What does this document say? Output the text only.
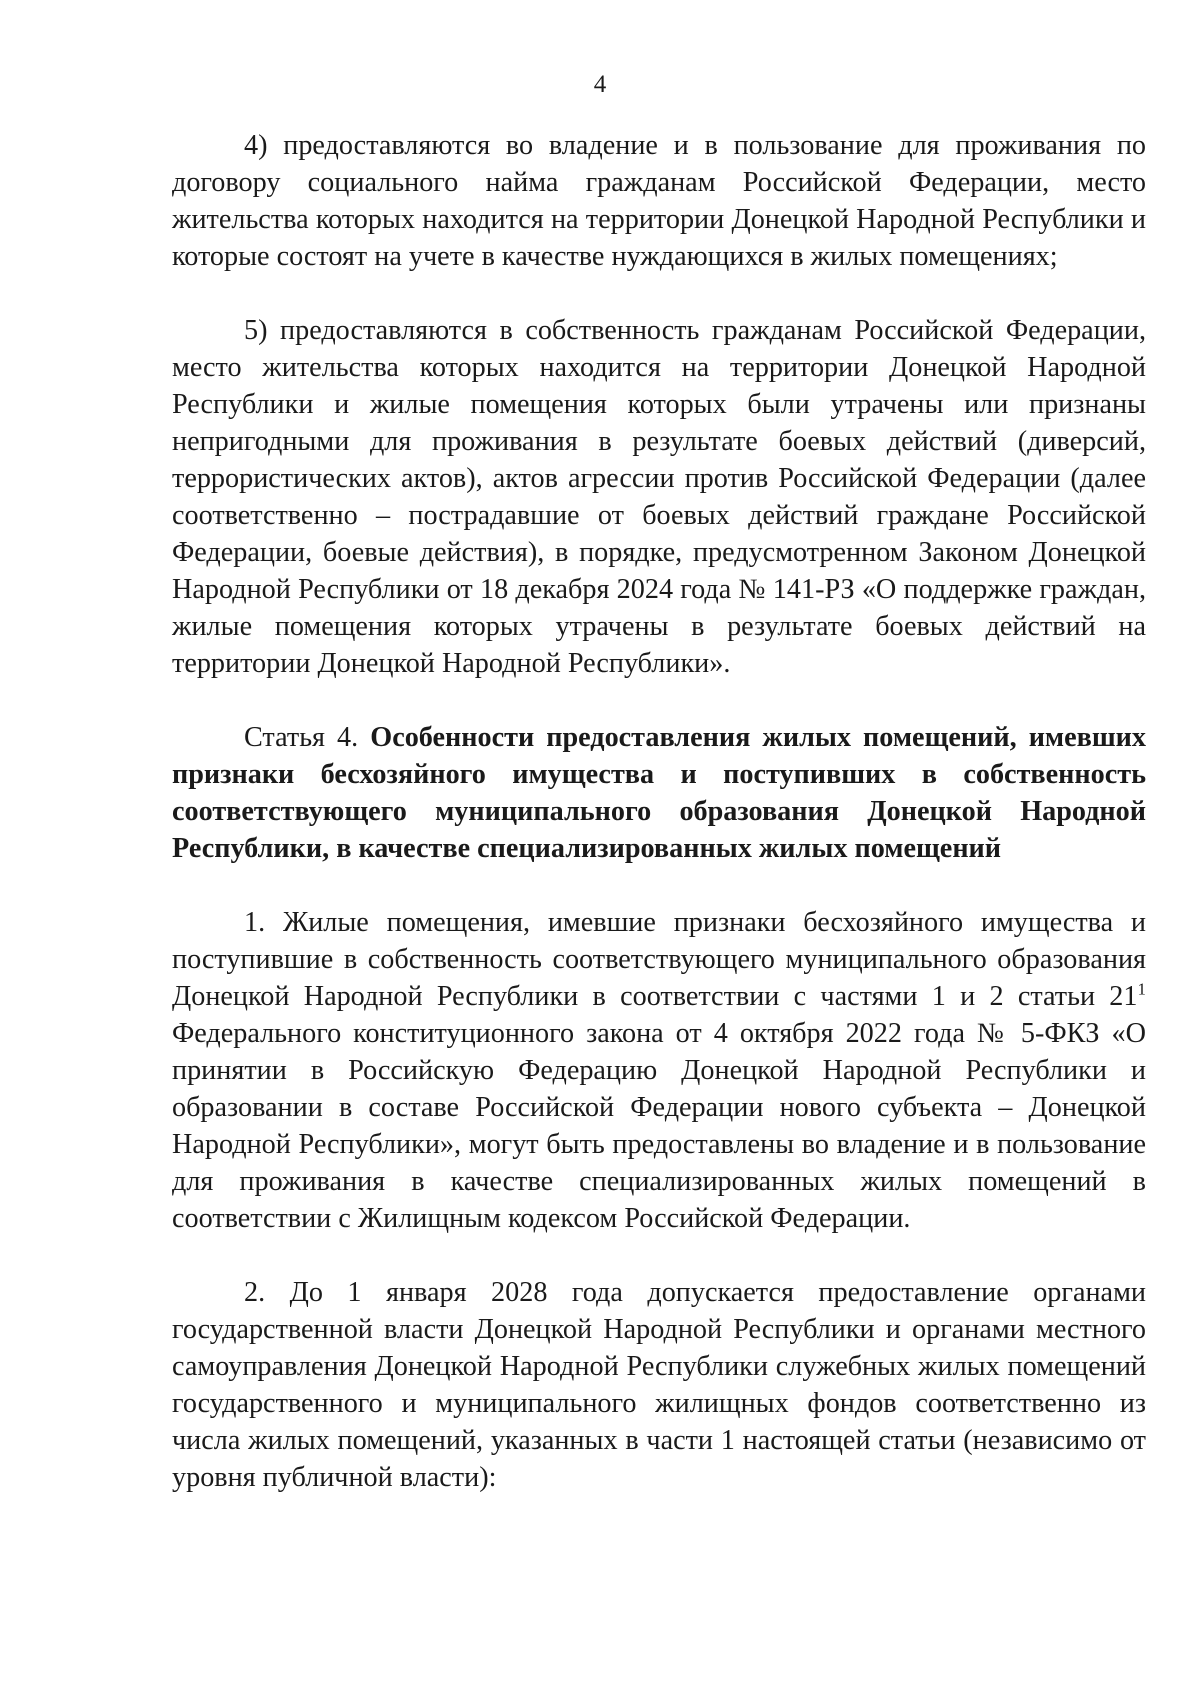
4

4) предоставляются во владение и в пользование для проживания по договору социального найма гражданам Российской Федерации, место жительства которых находится на территории Донецкой Народной Республики и которые состоят на учете в качестве нуждающихся в жилых помещениях;

5) предоставляются в собственность гражданам Российской Федерации, место жительства которых находится на территории Донецкой Народной Республики и жилые помещения которых были утрачены или признаны непригодными для проживания в результате боевых действий (диверсий, террористических актов), актов агрессии против Российской Федерации (далее соответственно – пострадавшие от боевых действий граждане Российской Федерации, боевые действия), в порядке, предусмотренном Законом Донецкой Народной Республики от 18 декабря 2024 года № 141-РЗ «О поддержке граждан, жилые помещения которых утрачены в результате боевых действий на территории Донецкой Народной Республики».

Статья 4. Особенности предоставления жилых помещений, имевших признаки бесхозяйного имущества и поступивших в собственность соответствующего муниципального образования Донецкой Народной Республики, в качестве специализированных жилых помещений

1. Жилые помещения, имевшие признаки бесхозяйного имущества и поступившие в собственность соответствующего муниципального образования Донецкой Народной Республики в соответствии с частями 1 и 2 статьи $21^1$ Федерального конституционного закона от 4 октября 2022 года № 5-ФКЗ «О принятии в Российскую Федерацию Донецкой Народной Республики и образовании в составе Российской Федерации нового субъекта – Донецкой Народной Республики», могут быть предоставлены во владение и в пользование для проживания в качестве специализированных жилых помещений в соответствии с Жилищным кодексом Российской Федерации.

2. До 1 января 2028 года допускается предоставление органами государственной власти Донецкой Народной Республики и органами местного самоуправления Донецкой Народной Республики служебных жилых помещений государственного и муниципального жилищных фондов соответственно из числа жилых помещений, указанных в части 1 настоящей статьи (независимо от уровня публичной власти):
